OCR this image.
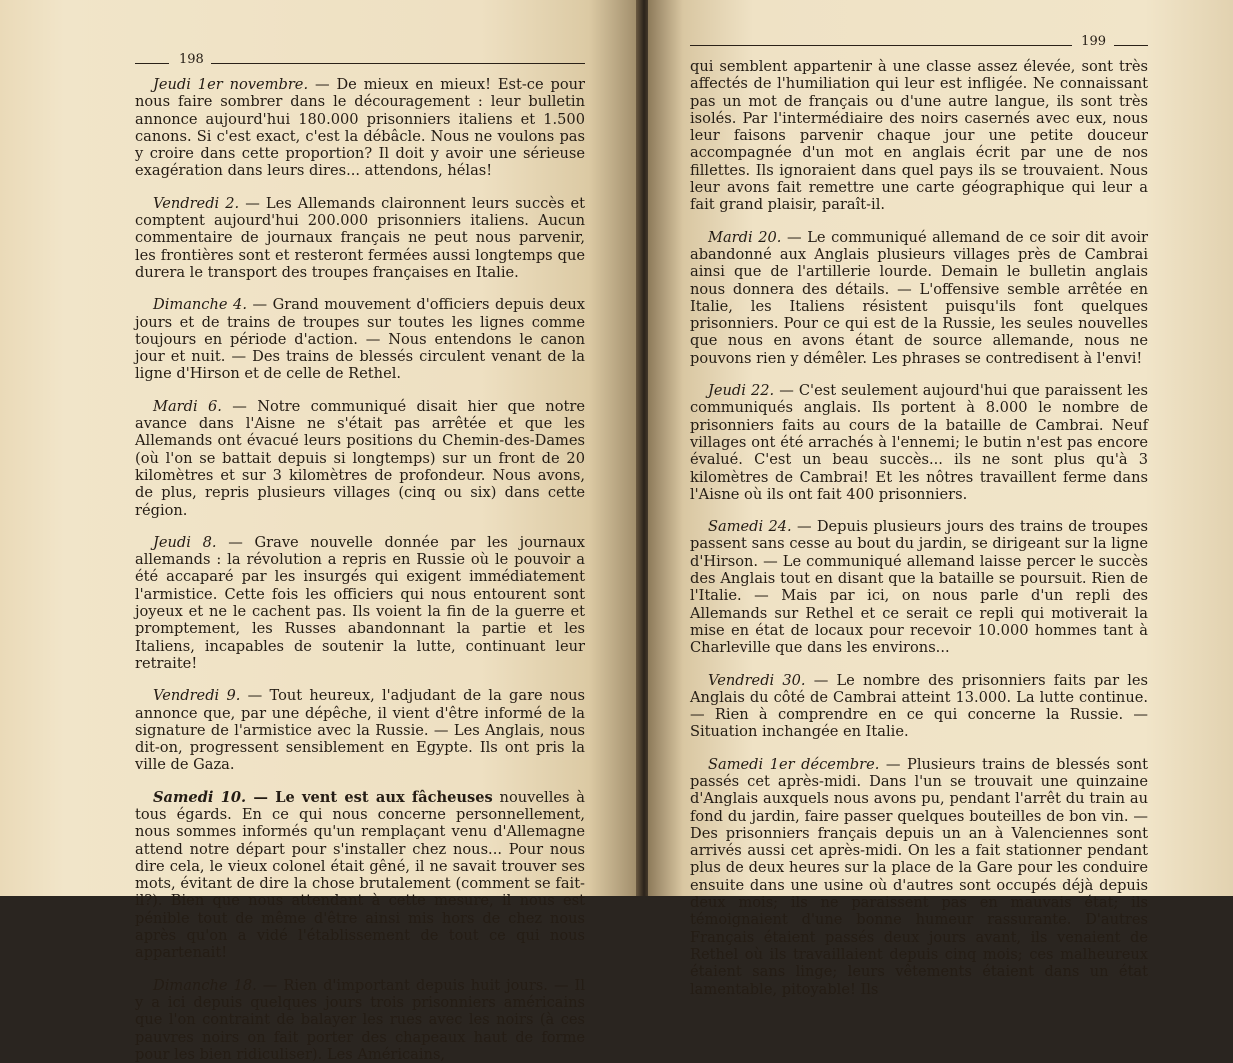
198

Jeudi 1er novembre. — De mieux en mieux! Est-ce pour nous faire sombrer dans le découragement : leur bulletin annonce aujourd'hui 180.000 prisonniers italiens et 1.500 canons. Si c'est exact, c'est la débâcle. Nous ne voulons pas y croire dans cette proportion? Il doit y avoir une sérieuse exagération dans leurs dires... attendons, hélas!

Vendredi 2. — Les Allemands claironnent leurs succès et comptent aujourd'hui 200.000 prisonniers italiens. Aucun commentaire de journaux français ne peut nous parvenir, les frontières sont et resteront fermées aussi longtemps que durera le transport des troupes françaises en Italie.

Dimanche 4. — Grand mouvement d'officiers depuis deux jours et de trains de troupes sur toutes les lignes comme toujours en période d'action. — Nous entendons le canon jour et nuit. — Des trains de blessés circulent venant de la ligne d'Hirson et de celle de Rethel.

Mardi 6. — Notre communiqué disait hier que notre avance dans l'Aisne ne s'était pas arrêtée et que les Allemands ont évacué leurs positions du Chemin-des-Dames (où l'on se battait depuis si longtemps) sur un front de 20 kilomètres et sur 3 kilomètres de profondeur. Nous avons, de plus, repris plusieurs villages (cinq ou six) dans cette région.

Jeudi 8. — Grave nouvelle donnée par les journaux allemands : la révolution a repris en Russie où le pouvoir a été accaparé par les insurgés qui exigent immédiatement l'armistice. Cette fois les officiers qui nous entourent sont joyeux et ne le cachent pas. Ils voient la fin de la guerre et promptement, les Russes abandonnant la partie et les Italiens, incapables de soutenir la lutte, continuant leur retraite!

Vendredi 9. — Tout heureux, l'adjudant de la gare nous annonce que, par une dépêche, il vient d'être informé de la signature de l'armistice avec la Russie. — Les Anglais, nous dit-on, progressent sensiblement en Egypte. Ils ont pris la ville de Gaza.

Samedi 10. — Le vent est aux fâcheuses nouvelles à tous égards. En ce qui nous concerne personnellement, nous sommes informés qu'un remplaçant venu d'Allemagne attend notre départ pour s'installer chez nous... Pour nous dire cela, le vieux colonel était gêné, il ne savait trouver ses mots, évitant de dire la chose brutalement (comment se fait-il?). Bien que nous attendant à cette mesure, il nous est pénible tout de même d'être ainsi mis hors de chez nous après qu'on a vidé l'établissement de tout ce qui nous appartenait!

Dimanche 18. — Rien d'important depuis huit jours. — Il y a ici depuis quelques jours trois prisonniers américains que l'on contraint de balayer les rues avec les noirs (à ces pauvres noirs on fait porter des chapeaux haut de forme pour les bien ridiculiser). Les Américains,

199

qui semblent appartenir à une classe assez élevée, sont très affectés de l'humiliation qui leur est infligée. Ne connaissant pas un mot de français ou d'une autre langue, ils sont très isolés. Par l'intermédiaire des noirs casernés avec eux, nous leur faisons parvenir chaque jour une petite douceur accompagnée d'un mot en anglais écrit par une de nos fillettes. Ils ignoraient dans quel pays ils se trouvaient. Nous leur avons fait remettre une carte géographique qui leur a fait grand plaisir, paraît-il.

Mardi 20. — Le communiqué allemand de ce soir dit avoir abandonné aux Anglais plusieurs villages près de Cambrai ainsi que de l'artillerie lourde. Demain le bulletin anglais nous donnera des détails. — L'offensive semble arrêtée en Italie, les Italiens résistent puisqu'ils font quelques prisonniers. Pour ce qui est de la Russie, les seules nouvelles que nous en avons étant de source allemande, nous ne pouvons rien y démêler. Les phrases se contredisent à l'envi!

Jeudi 22. — C'est seulement aujourd'hui que paraissent les communiqués anglais. Ils portent à 8.000 le nombre de prisonniers faits au cours de la bataille de Cambrai. Neuf villages ont été arrachés à l'ennemi; le butin n'est pas encore évalué. C'est un beau succès... ils ne sont plus qu'à 3 kilomètres de Cambrai! Et les nôtres travaillent ferme dans l'Aisne où ils ont fait 400 prisonniers.

Samedi 24. — Depuis plusieurs jours des trains de troupes passent sans cesse au bout du jardin, se dirigeant sur la ligne d'Hirson. — Le communiqué allemand laisse percer le succès des Anglais tout en disant que la bataille se poursuit. Rien de l'Italie. — Mais par ici, on nous parle d'un repli des Allemands sur Rethel et ce serait ce repli qui motiverait la mise en état de locaux pour recevoir 10.000 hommes tant à Charleville que dans les environs...

Vendredi 30. — Le nombre des prisonniers faits par les Anglais du côté de Cambrai atteint 13.000. La lutte continue. — Rien à comprendre en ce qui concerne la Russie. — Situation inchangée en Italie.

Samedi 1er décembre. — Plusieurs trains de blessés sont passés cet après-midi. Dans l'un se trouvait une quinzaine d'Anglais auxquels nous avons pu, pendant l'arrêt du train au fond du jardin, faire passer quelques bouteilles de bon vin. — Des prisonniers français depuis un an à Valenciennes sont arrivés aussi cet après-midi. On les a fait stationner pendant plus de deux heures sur la place de la Gare pour les conduire ensuite dans une usine où d'autres sont occupés déjà depuis deux mois; ils ne paraissent pas en mauvais état; ils témoignaient d'une bonne humeur rassurante. D'autres Français étaient passés deux jours avant, ils venaient de Rethel où ils travaillaient depuis cinq mois; ces malheureux étaient sans linge; leurs vêtements étaient dans un état lamentable, pitoyable! Ils
